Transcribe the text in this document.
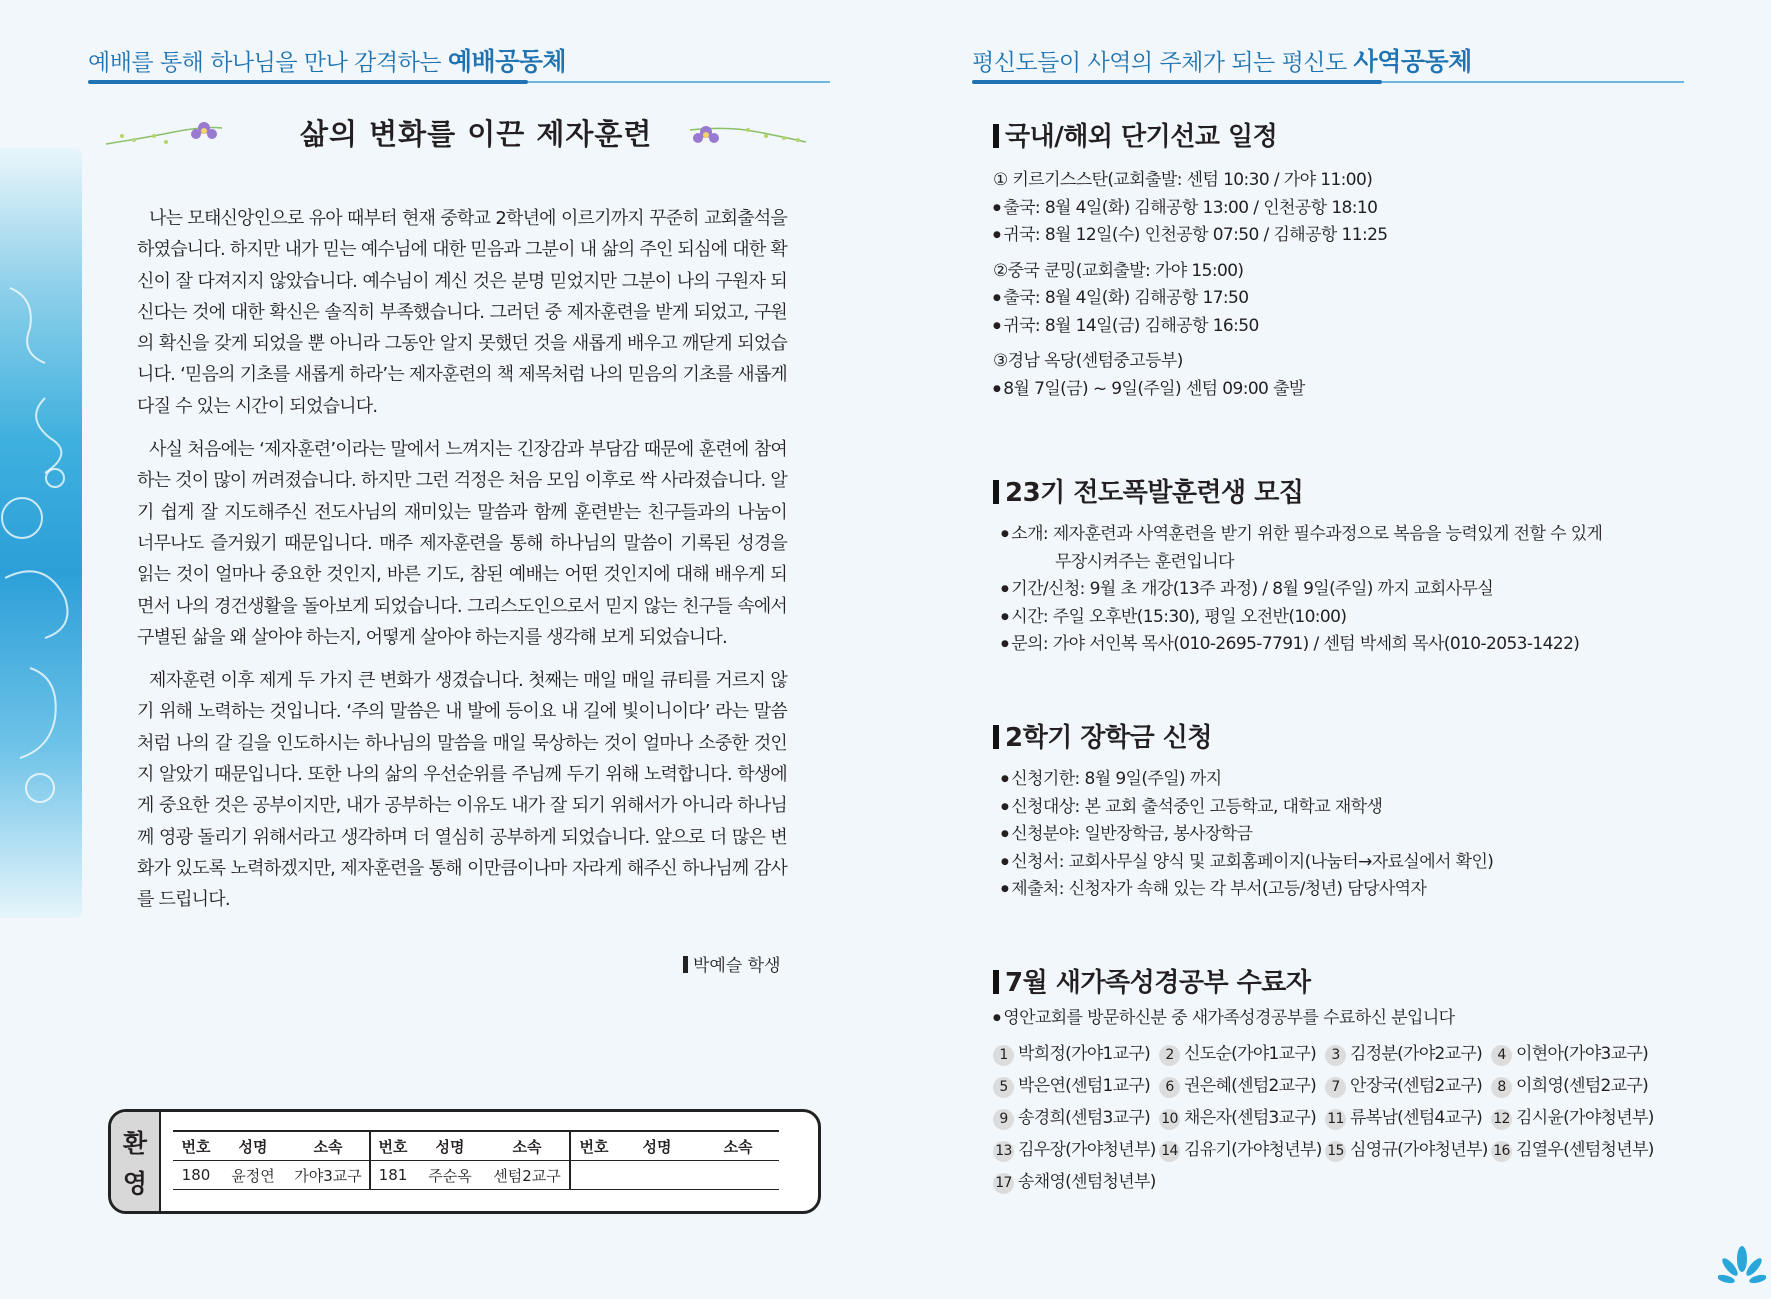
예배를 통해 하나님을 만나 감격하는 예배공동체
삶의 변화를 이끈 제자훈련

나는 모태신앙인으로 유아 때부터 현재 중학교 2학년에 이르기까지 꾸준히 교회출석을 하였습니다. 하지만 내가 믿는 예수님에 대한 믿음과 그분이 내 삶의 주인 되심에 대한 확신이 잘 다져지지 않았습니다. 예수님이 계신 것은 분명 믿었지만 그분이 나의 구원자 되신다는 것에 대한 확신은 솔직히 부족했습니다. 그러던 중 제자훈련을 받게 되었고, 구원의 확신을 갖게 되었을 뿐 아니라 그동안 알지 못했던 것을 새롭게 배우고 깨닫게 되었습니다. ‘믿음의 기초를 새롭게 하라’는 제자훈련의 책 제목처럼 나의 믿음의 기초를 새롭게 다질 수 있는 시간이 되었습니다.

사실 처음에는 ‘제자훈련’이라는 말에서 느껴지는 긴장감과 부담감 때문에 훈련에 참여하는 것이 많이 꺼려졌습니다. 하지만 그런 걱정은 처음 모임 이후로 싹 사라졌습니다. 알기 쉽게 잘 지도해주신 전도사님의 재미있는 말씀과 함께 훈련받는 친구들과의 나눔이 너무나도 즐거웠기 때문입니다. 매주 제자훈련을 통해 하나님의 말씀이 기록된 성경을 읽는 것이 얼마나 중요한 것인지, 바른 기도, 참된 예배는 어떤 것인지에 대해 배우게 되면서 나의 경건생활을 돌아보게 되었습니다. 그리스도인으로서 믿지 않는 친구들 속에서 구별된 삶을 왜 살아야 하는지, 어떻게 살아야 하는지를 생각해 보게 되었습니다.

제자훈련 이후 제게 두 가지 큰 변화가 생겼습니다. 첫째는 매일 매일 큐티를 거르지 않기 위해 노력하는 것입니다. ‘주의 말씀은 내 발에 등이요 내 길에 빛이니이다’ 라는 말씀처럼 나의 갈 길을 인도하시는 하나님의 말씀을 매일 묵상하는 것이 얼마나 소중한 것인지 알았기 때문입니다. 또한 나의 삶의 우선순위를 주님께 두기 위해 노력합니다. 학생에게 중요한 것은 공부이지만, 내가 공부하는 이유도 내가 잘 되기 위해서가 아니라 하나님께 영광 돌리기 위해서라고 생각하며 더 열심히 공부하게 되었습니다. 앞으로 더 많은 변화가 있도록 노력하겠지만, 제자훈련을 통해 이만큼이나마 자라게 해주신 하나님께 감사를 드립니다.

박예슬 학생
환
영
번호	성명	소속	번호	성명	소속	번호	성명	소속
180	윤정연	가야3교구	181	주순옥	센텀2교구			
평신도들이 사역의 주체가 되는 평신도 사역공동체
국내/해외 단기선교 일정
① 키르기스스탄(교회출발: 센텀 10:30 / 가야 11:00)
● 출국: 8월 4일(화) 김해공항 13:00 / 인천공항 18:10
● 귀국: 8월 12일(수) 인천공항 07:50 / 김해공항 11:25
②중국 쿤밍(교회출발: 가야 15:00)
● 출국: 8월 4일(화) 김해공항 17:50
● 귀국: 8월 14일(금) 김해공항 16:50
③경남 옥당(센텀중고등부)
● 8월 7일(금) ~ 9일(주일) 센텀 09:00 출발
23기 전도폭발훈련생 모집
● 소개: 제자훈련과 사역훈련을 받기 위한 필수과정으로 복음을 능력있게 전할 수 있게
무장시켜주는 훈련입니다
● 기간/신청: 9월 초 개강(13주 과정) / 8월 9일(주일) 까지 교회사무실
● 시간: 주일 오후반(15:30), 평일 오전반(10:00)
● 문의: 가야 서인복 목사(010-2695-7791) / 센텀 박세희 목사(010-2053-1422)
2학기 장학금 신청
● 신청기한: 8월 9일(주일) 까지
● 신청대상: 본 교회 출석중인 고등학교, 대학교 재학생
● 신청분야: 일반장학금, 봉사장학금
● 신청서: 교회사무실 양식 및 교회홈페이지(나눔터→자료실에서 확인)
● 제출처: 신청자가 속해 있는 각 부서(고등/청년) 담당사역자
7월 새가족성경공부 수료자
● 영안교회를 방문하신분 중 새가족성경공부를 수료하신 분입니다
1 박희정(가야1교구) 2 신도순(가야1교구) 3 김정분(가야2교구) 4 이현아(가야3교구) 5 박은연(센텀1교구) 6 권은혜(센텀2교구) 7 안장국(센텀2교구) 8 이희영(센텀2교구) 9 송경희(센텀3교구) 10 채은자(센텀3교구) 11 류복남(센텀4교구) 12 김시윤(가야청년부) 13 김우장(가야청년부) 14 김유기(가야청년부) 15 심영규(가야청년부) 16 김열우(센텀청년부) 17 송채영(센텀청년부)
